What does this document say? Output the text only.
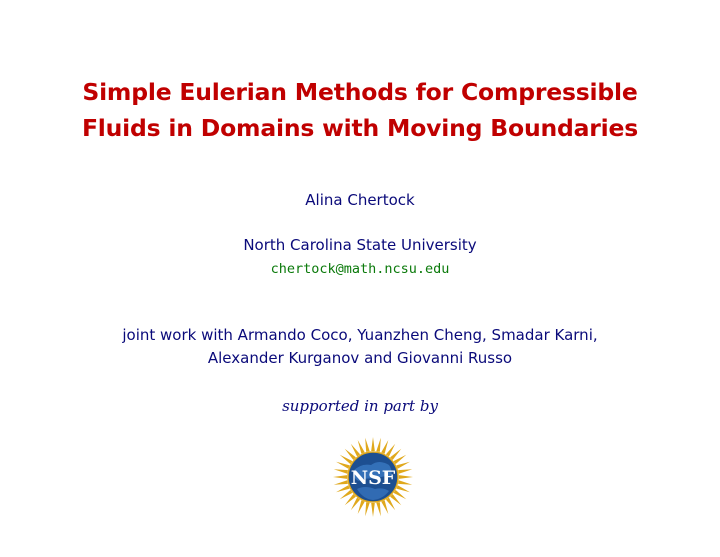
Simple Eulerian Methods for Compressible
Fluids in Domains with Moving Boundaries
Alina Chertock
North Carolina State University
chertock@math.ncsu.edu
joint work with Armando Coco, Yuanzhen Cheng, Smadar Karni,
Alexander Kurganov and Giovanni Russo
supported in part by
NSF
